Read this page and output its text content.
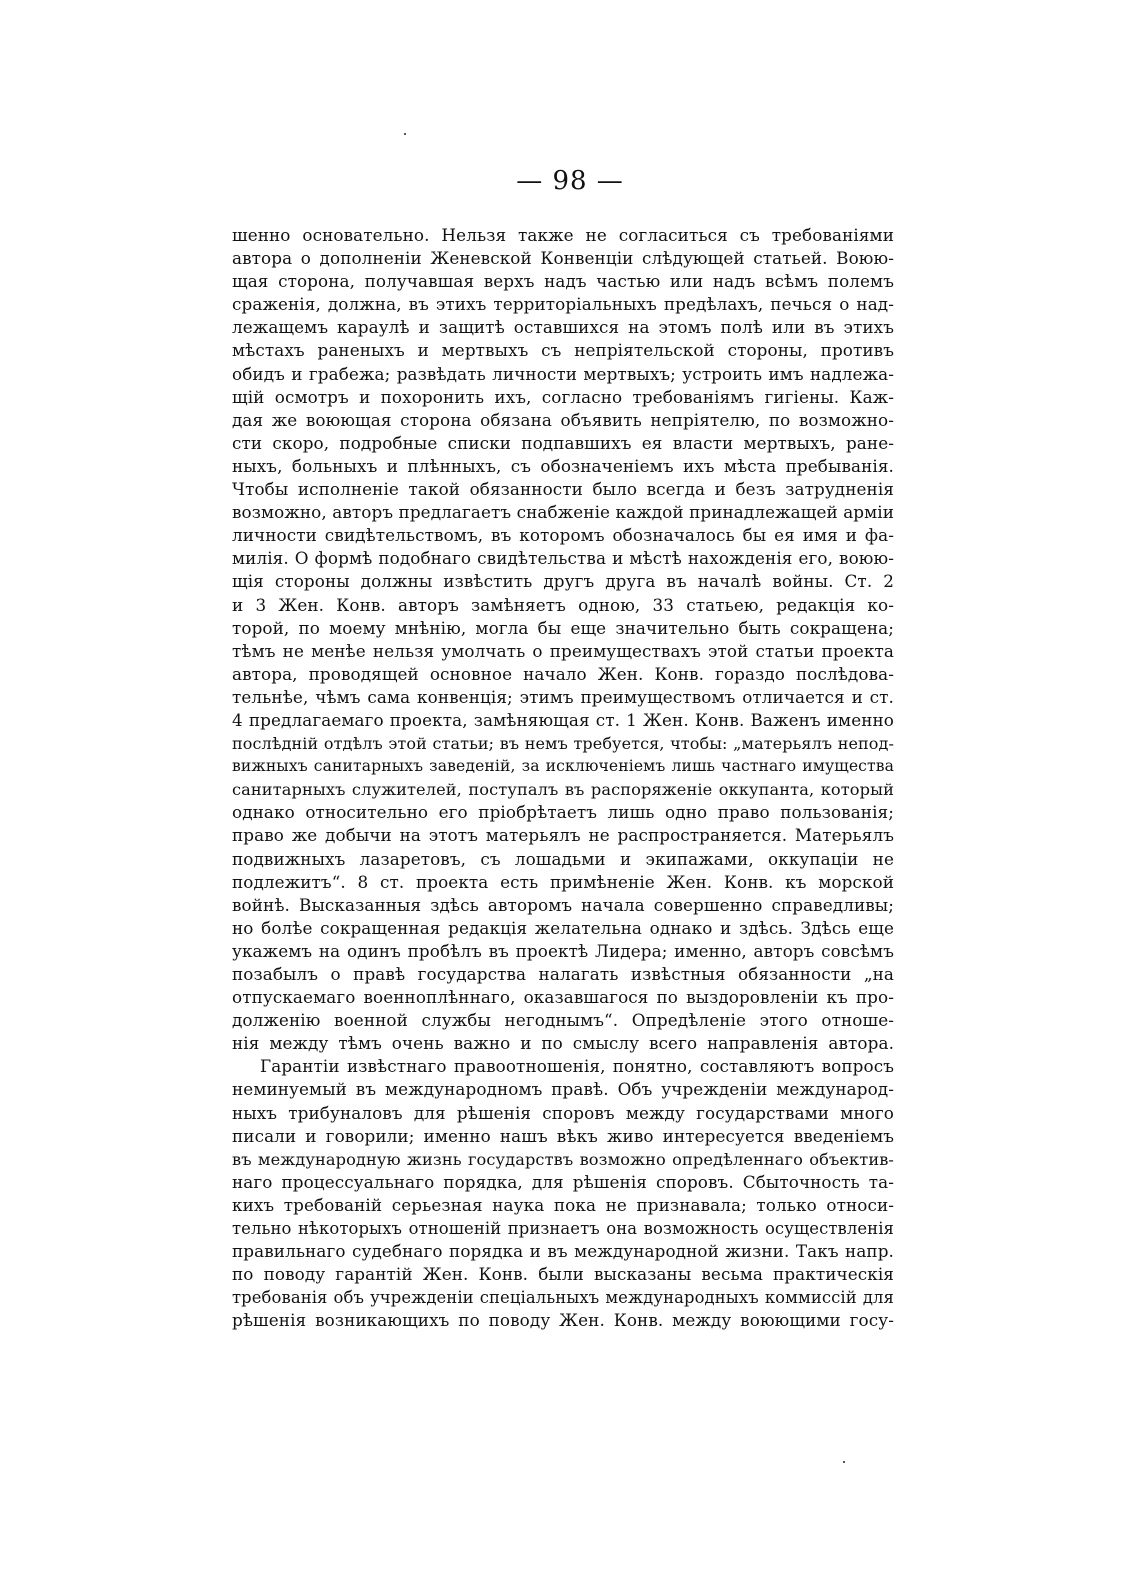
— 98 —
шенно основательно. Нельзя также не согласиться съ требованіями
автора о дополненіи Женевской Конвенціи слѣдующей статьей. Воюю-
щая сторона, получавшая верхъ надъ частью или надъ всѣмъ полемъ
сраженія, должна, въ этихъ территоріальныхъ предѣлахъ, печься о над-
лежащемъ караулѣ и защитѣ оставшихся на этомъ полѣ или въ этихъ
мѣстахъ раненыхъ и мертвыхъ съ непріятельской стороны, противъ
обидъ и грабежа; развѣдать личности мертвыхъ; устроить имъ надлежа-
щій осмотръ и похоронить ихъ, согласно требованіямъ гигіены. Каж-
дая же воюющая сторона обязана объявить непріятелю, по возможно-
сти скоро, подробные списки подпавшихъ ея власти мертвыхъ, ране-
ныхъ, больныхъ и плѣнныхъ, съ обозначеніемъ ихъ мѣста пребыванія.
Чтобы исполненіе такой обязанности было всегда и безъ затрудненія
возможно, авторъ предлагаетъ снабженіе каждой принадлежащей арміи
личности свидѣтельствомъ, въ которомъ обозначалось бы ея имя и фа-
милія. О формѣ подобнаго свидѣтельства и мѣстѣ нахожденія его, воюю-
щія стороны должны извѣстить другъ друга въ началѣ войны. Ст. 2
и 3 Жен. Конв. авторъ замѣняетъ одною, 33 статьею, редакція ко-
торой, по моему мнѣнію, могла бы еще значительно быть сокращена;
тѣмъ не менѣе нельзя умолчать о преимуществахъ этой статьи проекта
автора, проводящей основное начало Жен. Конв. гораздо послѣдова-
тельнѣе, чѣмъ сама конвенція; этимъ преимуществомъ отличается и ст.
4 предлагаемаго проекта, замѣняющая ст. 1 Жен. Конв. Важенъ именно
послѣдній отдѣлъ этой статьи; въ немъ требуется, чтобы: „матерьялъ непод-
вижныхъ санитарныхъ заведеній, за исключеніемъ лишь частнаго имущества
санитарныхъ служителей, поступалъ въ распоряженіе оккупанта, который
однако относительно его пріобрѣтаетъ лишь одно право пользованія;
право же добычи на этотъ матерьялъ не распространяется. Матерьялъ
подвижныхъ лазаретовъ, съ лошадьми и экипажами, оккупаціи не
подлежитъ“. 8 ст. проекта есть примѣненіе Жен. Конв. къ морской
войнѣ. Высказанныя здѣсь авторомъ начала совершенно справедливы;
но болѣе сокращенная редакція желательна однако и здѣсь. Здѣсь еще
укажемъ на одинъ пробѣлъ въ проектѣ Лидера; именно, авторъ совсѣмъ
позабылъ о правѣ государства налагать извѣстныя обязанности „на
отпускаемаго военноплѣннаго, оказавшагося по выздоровленіи къ про-
долженію военной службы негоднымъ“. Опредѣленіе этого отноше-
нія между тѣмъ очень важно и по смыслу всего направленія автора.
Гарантіи извѣстнаго правоотношенія, понятно, составляютъ вопросъ
неминуемый въ международномъ правѣ. Объ учрежденіи международ-
ныхъ трибуналовъ для рѣшенія споровъ между государствами много
писали и говорили; именно нашъ вѣкъ живо интересуется введеніемъ
въ международную жизнь государствъ возможно опредѣленнаго объектив-
наго процессуальнаго порядка, для рѣшенія споровъ. Сбыточность та-
кихъ требованій серьезная наука пока не признавала; только относи-
тельно нѣкоторыхъ отношеній признаетъ она возможность осуществленія
правильнаго судебнаго порядка и въ международной жизни. Такъ напр.
по поводу гарантій Жен. Конв. были высказаны весьма практическія
требованія объ учрежденіи спеціальныхъ международныхъ коммиссій для
рѣшенія возникающихъ по поводу Жен. Конв. между воюющими госу-
